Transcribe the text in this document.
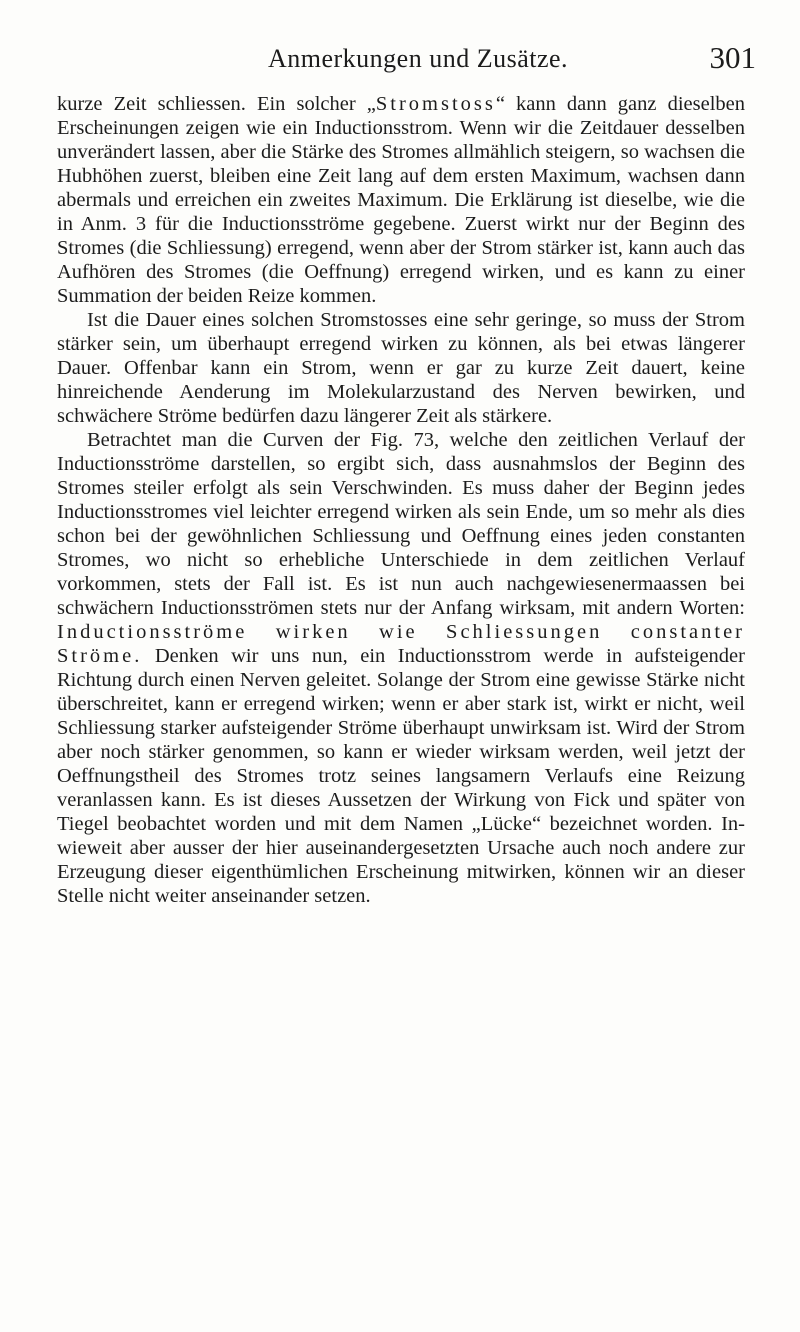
Anmerkungen und Zusätze.	301

kurze Zeit schliessen. Ein solcher „Stromstoss“ kann dann ganz dieselben Erscheinungen zeigen wie ein Inductionsstrom. Wenn wir die Zeitdauer desselben unverändert lassen, aber die Stärke des Stromes allmählich steigern, so wachsen die Hubhöhen zuerst, bleiben eine Zeit lang auf dem ersten Maximum, wachsen dann abermals und erreichen ein zweites Maximum. Die Erklärung ist dieselbe, wie die in Anm. 3 für die Inductionsströme gegebene. Zuerst wirkt nur der Beginn des Stromes (die Schliessung) erregend, wenn aber der Strom stärker ist, kann auch das Aufhören des Stromes (die Oeffnung) erregend wirken, und es kann zu einer Summation der beiden Reize kommen.

Ist die Dauer eines solchen Stromstosses eine sehr geringe, so muss der Strom stärker sein, um überhaupt erregend wirken zu können, als bei etwas längerer Dauer. Offenbar kann ein Strom, wenn er gar zu kurze Zeit dauert, keine hinreichende Aenderung im Molekularzustand des Nerven bewirken, und schwächere Ströme bedürfen dazu längerer Zeit als stärkere.

Betrachtet man die Curven der Fig. 73, welche den zeitlichen Verlauf der Inductionsströme darstellen, so ergibt sich, dass ausnahmslos der Beginn des Stromes steiler erfolgt als sein Verschwinden. Es muss daher der Beginn jedes Inductionsstromes viel leichter erregend wirken als sein Ende, um so mehr als dies schon bei der gewöhnlichen Schliessung und Oeffnung eines jeden constanten Stromes, wo nicht so erhebliche Unterschiede in dem zeitlichen Verlauf vorkommen, stets der Fall ist. Es ist nun auch nachgewiesenermaassen bei schwächern Inductionsströmen stets nur der Anfang wirksam, mit andern Worten: Inductionsströme wirken wie Schliessungen constanter Ströme. Denken wir uns nun, ein Inductionsstrom werde in aufsteigender Richtung durch einen Nerven geleitet. Solange der Strom eine gewisse Stärke nicht überschreitet, kann er erregend wirken; wenn er aber stark ist, wirkt er nicht, weil Schliessung starker aufsteigender Ströme überhaupt unwirksam ist. Wird der Strom aber noch stärker genommen, so kann er wieder wirksam werden, weil jetzt der Oeffnungstheil des Stromes trotz seines langsamern Verlaufs eine Reizung veranlassen kann. Es ist dieses Aussetzen der Wirkung von Fick und später von Tiegel beobachtet worden und mit dem Namen „Lücke“ bezeichnet worden. Inwieweit aber ausser der hier auseinandergesetzten Ursache auch noch andere zur Erzeugung dieser eigenthümlichen Erscheinung mitwirken, können wir an dieser Stelle nicht weiter anseinander setzen.
